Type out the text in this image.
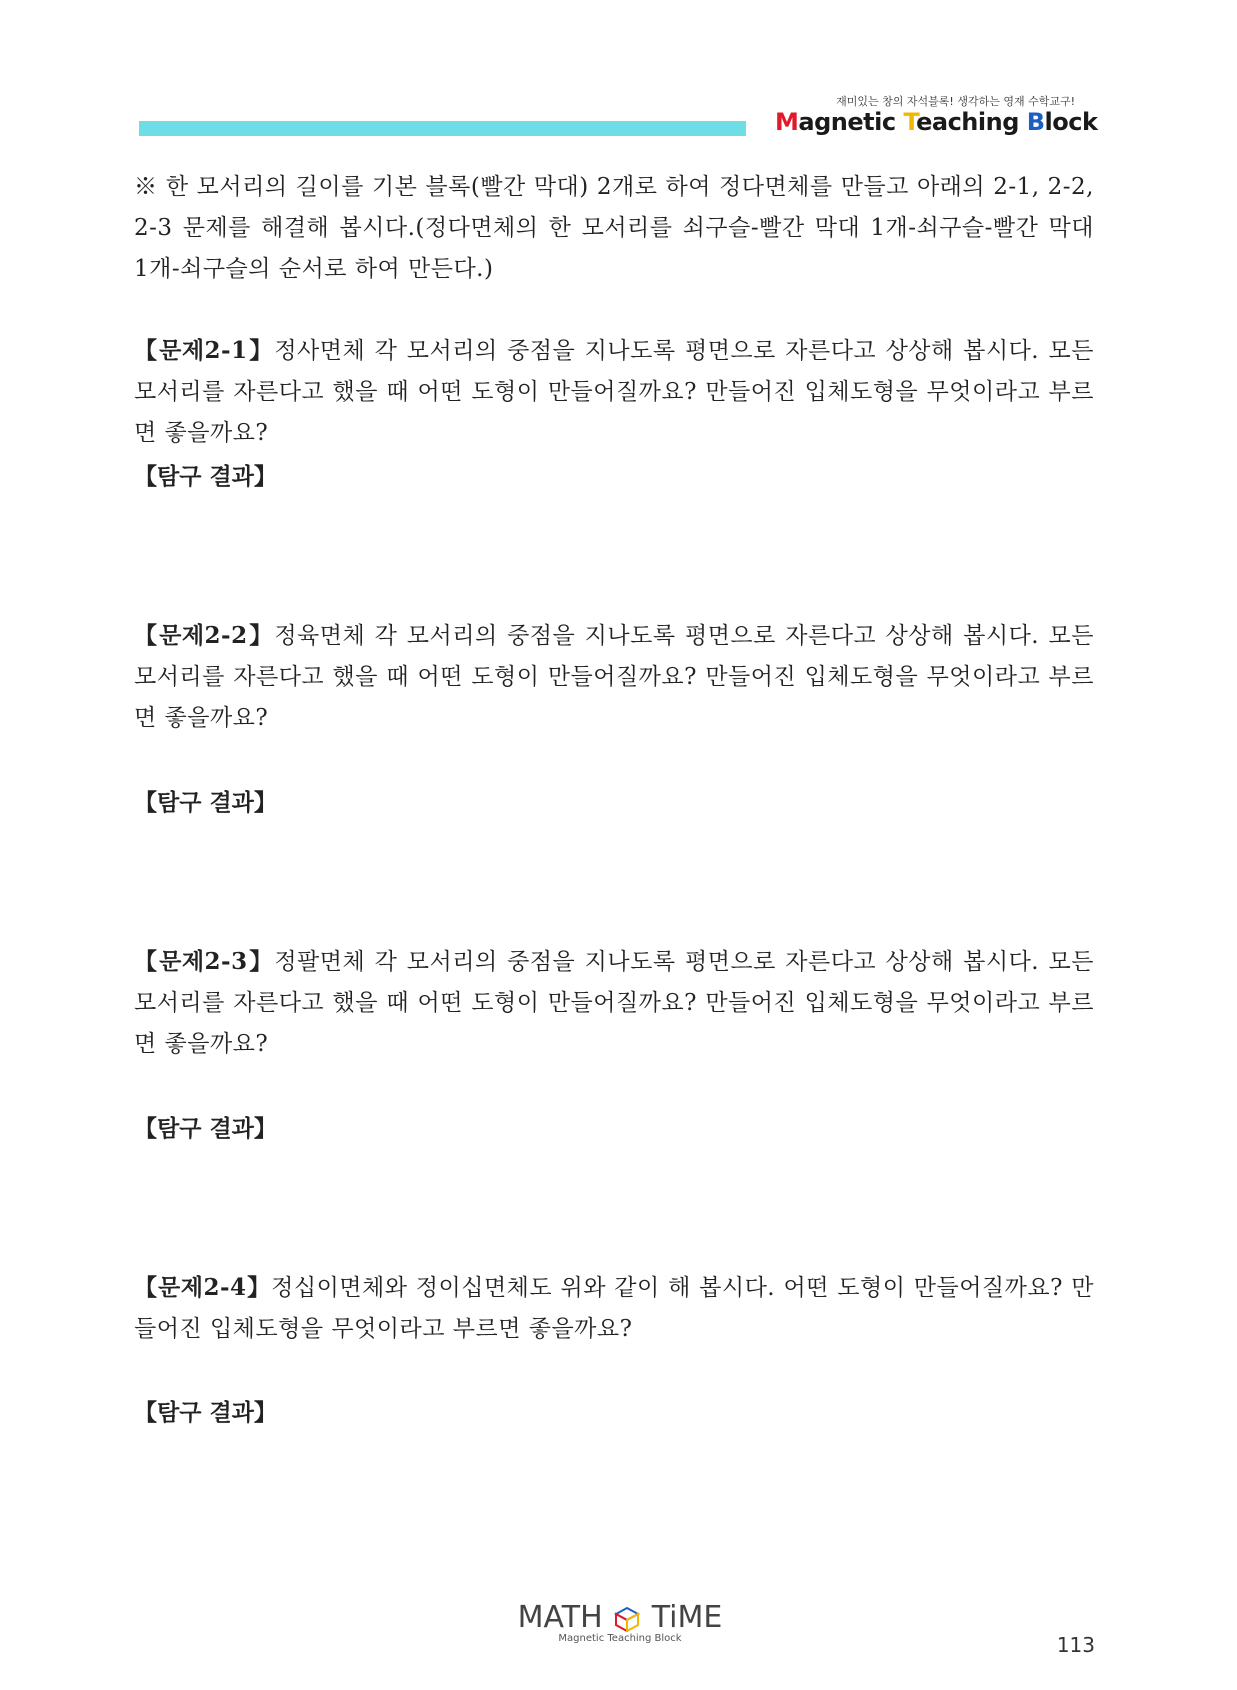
재미있는 창의 자석블록! 생각하는 영재 수학교구!
Magnetic Teaching Block

※ 한 모서리의 길이를 기본 블록(빨간 막대) 2개로 하여 정다면체를 만들고 아래의 2-1, 2-2, 2-3 문제를 해결해 봅시다.(정다면체의 한 모서리를 쇠구슬-빨간 막대 1개-쇠구슬-빨간 막대 1개-쇠구슬의 순서로 하여 만든다.)

【문제2-1】정사면체 각 모서리의 중점을 지나도록 평면으로 자른다고 상상해 봅시다. 모든 모서리를 자른다고 했을 때 어떤 도형이 만들어질까요? 만들어진 입체도형을 무엇이라고 부르면 좋을까요?

【탐구 결과】

【문제2-2】정육면체 각 모서리의 중점을 지나도록 평면으로 자른다고 상상해 봅시다. 모든 모서리를 자른다고 했을 때 어떤 도형이 만들어질까요? 만들어진 입체도형을 무엇이라고 부르면 좋을까요?

【탐구 결과】

【문제2-3】정팔면체 각 모서리의 중점을 지나도록 평면으로 자른다고 상상해 봅시다. 모든 모서리를 자른다고 했을 때 어떤 도형이 만들어질까요? 만들어진 입체도형을 무엇이라고 부르면 좋을까요?

【탐구 결과】

【문제2-4】정십이면체와 정이십면체도 위와 같이 해 봅시다. 어떤 도형이 만들어질까요? 만들어진 입체도형을 무엇이라고 부르면 좋을까요?

【탐구 결과】
MATH TiME
Magnetic Teaching Block	113
